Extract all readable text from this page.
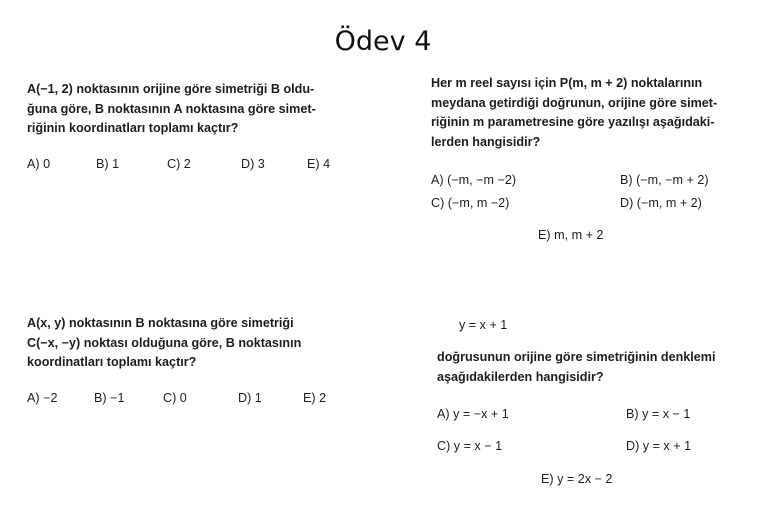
Ödev 4
A(−1, 2) noktasının orijine göre simetriği B oldu-
ğuna göre, B noktasının A noktasına göre simet-
riğinin koordinatları toplamı kaçtır?
A) 0	B) 1	C) 2	D) 3	E) 4
Her m reel sayısı için P(m, m + 2) noktalarının
meydana getirdiği doğrunun, orijine göre simet-
riğinin m parametresine göre yazılışı aşağıdaki-
lerden hangisidir?
A) (−m, −m −2)	B) (−m, −m + 2)
C) (−m, m −2)	D) (−m, m + 2)
E) m, m + 2
A(x, y) noktasının B noktasına göre simetriği
C(−x, −y) noktası olduğuna göre, B noktasının
koordinatları toplamı kaçtır?
A) −2	B) −1	C) 0	D) 1	E) 2
y = x + 1
doğrusunun orijine göre simetriğinin denklemi
aşağıdakilerden hangisidir?
A) y = −x + 1	B) y = x − 1
C) y = x − 1	D) y = x + 1
E) y = 2x − 2
